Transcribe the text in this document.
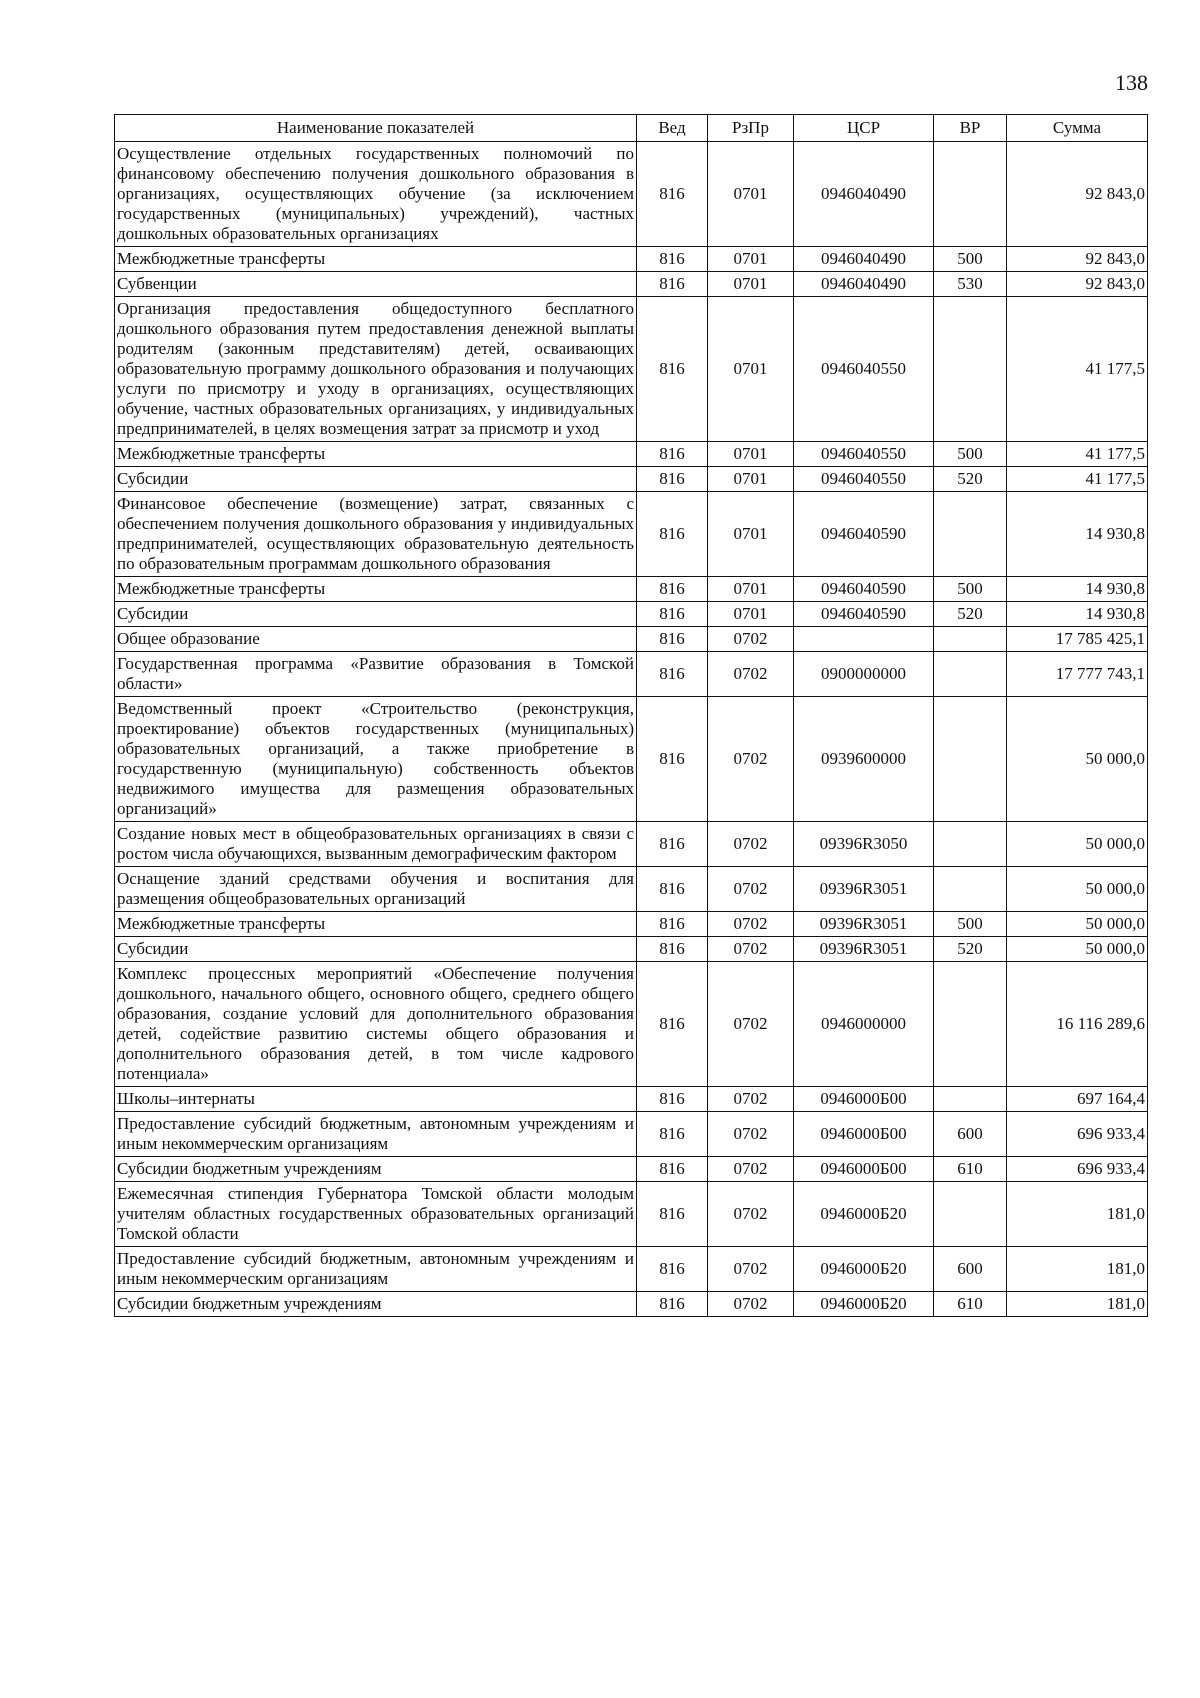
138
Наименование показателей	Вед	РзПр	ЦСР	ВР	Сумма
Осуществление отдельных государственных полномочий по финансовому обеспечению получения дошкольного образования в организациях, осуществляющих обучение (за исключением государственных (муниципальных) учреждений), частных дошкольных образовательных организациях	816	0701	0946040490		92 843,0
Межбюджетные трансферты	816	0701	0946040490	500	92 843,0
Субвенции	816	0701	0946040490	530	92 843,0
Организация предоставления общедоступного бесплатного дошкольного образования путем предоставления денежной выплаты родителям (законным представителям) детей, осваивающих образовательную программу дошкольного образования и получающих услуги по присмотру и уходу в организациях, осуществляющих обучение, частных образовательных организациях, у индивидуальных предпринимателей, в целях возмещения затрат за присмотр и уход	816	0701	0946040550		41 177,5
Межбюджетные трансферты	816	0701	0946040550	500	41 177,5
Субсидии	816	0701	0946040550	520	41 177,5
Финансовое обеспечение (возмещение) затрат, связанных с обеспечением получения дошкольного образования у индивидуальных предпринимателей, осуществляющих образовательную деятельность по образовательным программам дошкольного образования	816	0701	0946040590		14 930,8
Межбюджетные трансферты	816	0701	0946040590	500	14 930,8
Субсидии	816	0701	0946040590	520	14 930,8
Общее образование	816	0702			17 785 425,1
Государственная программа «Развитие образования в Томской области»	816	0702	0900000000		17 777 743,1
Ведомственный проект «Строительство (реконструкция, проектирование) объектов государственных (муниципальных) образовательных организаций, а также приобретение в государственную (муниципальную) собственность объектов недвижимого имущества для размещения образовательных организаций»	816	0702	0939600000		50 000,0
Создание новых мест в общеобразовательных организациях в связи с ростом числа обучающихся, вызванным демографическим фактором	816	0702	09396R3050		50 000,0
Оснащение зданий средствами обучения и воспитания для размещения общеобразовательных организаций	816	0702	09396R3051		50 000,0
Межбюджетные трансферты	816	0702	09396R3051	500	50 000,0
Субсидии	816	0702	09396R3051	520	50 000,0
Комплекс процессных мероприятий «Обеспечение получения дошкольного, начального общего, основного общего, среднего общего образования, создание условий для дополнительного образования детей, содействие развитию системы общего образования и дополнительного образования детей, в том числе кадрового потенциала»	816	0702	0946000000		16 116 289,6
Школы–интернаты	816	0702	0946000Б00		697 164,4
Предоставление субсидий бюджетным, автономным учреждениям и иным некоммерческим организациям	816	0702	0946000Б00	600	696 933,4
Субсидии бюджетным учреждениям	816	0702	0946000Б00	610	696 933,4
Ежемесячная стипендия Губернатора Томской области молодым учителям областных государственных образовательных организаций Томской области	816	0702	0946000Б20		181,0
Предоставление субсидий бюджетным, автономным учреждениям и иным некоммерческим организациям	816	0702	0946000Б20	600	181,0
Субсидии бюджетным учреждениям	816	0702	0946000Б20	610	181,0
